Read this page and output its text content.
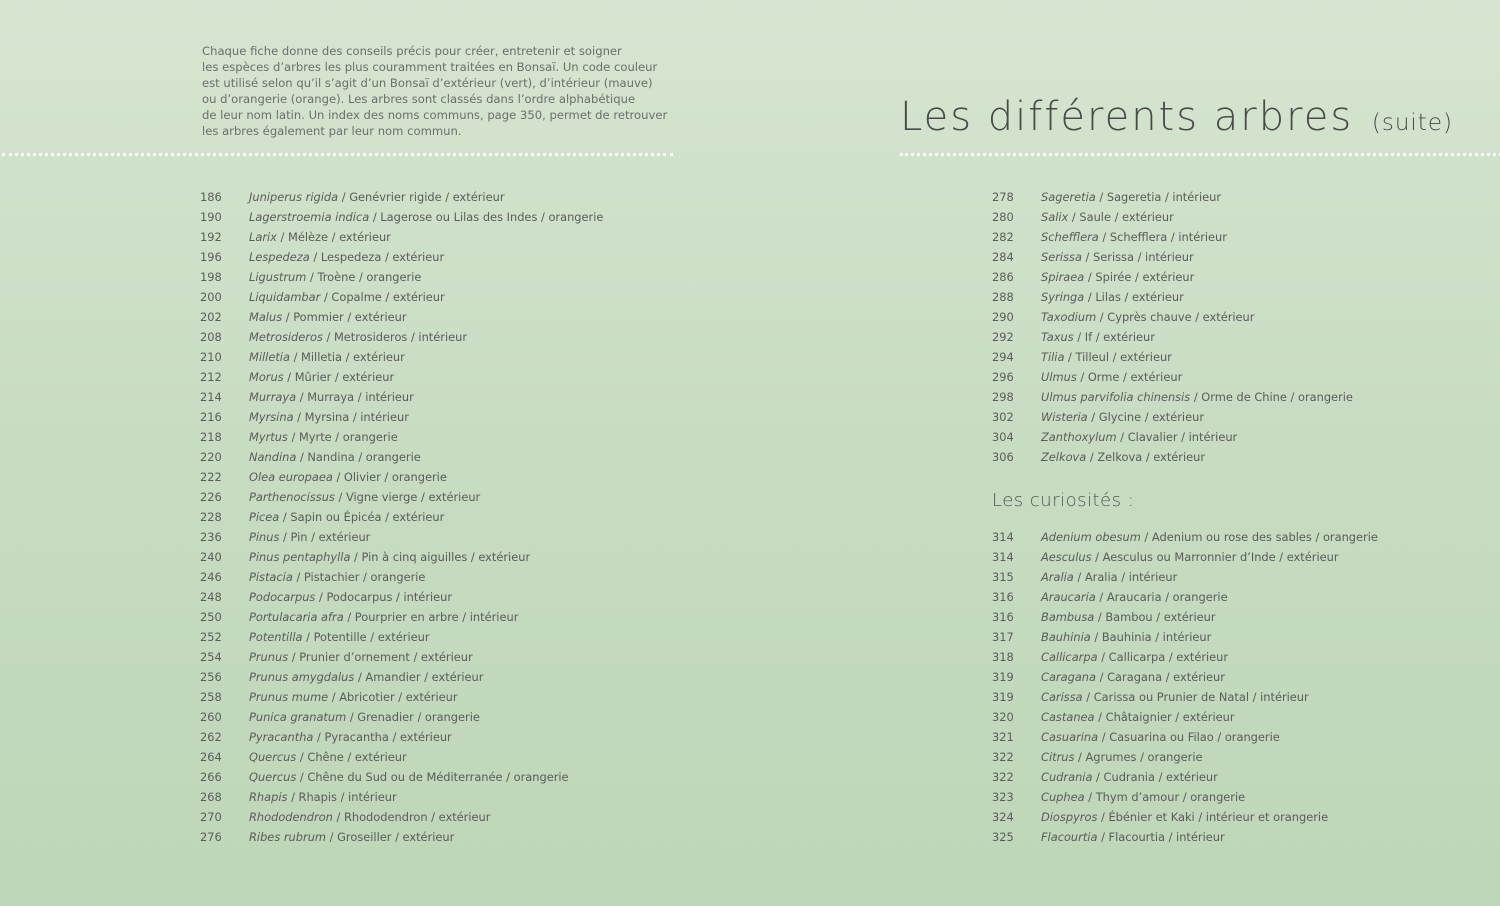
Chaque fiche donne des conseils précis pour créer, entretenir et soigner

les espèces d’arbres les plus couramment traitées en Bonsaï. Un code couleur

est utilisé selon qu’il s’agit d’un Bonsaï d’extérieur (vert), d’intérieur (mauve)

ou d’orangerie (orange). Les arbres sont classés dans l’ordre alphabétique

de leur nom latin. Un index des noms communs, page 350, permet de retrouver

les arbres également par leur nom commun.	Les différents arbres (suite)
186 Juniperus rigida / Genévrier rigide / extérieur
190 Lagerstroemia indica / Lagerose ou Lilas des Indes / orangerie
192 Larix / Mélèze / extérieur
196 Lespedeza / Lespedeza / extérieur
198 Ligustrum / Troène / orangerie
200 Liquidambar / Copalme / extérieur
202 Malus / Pommier / extérieur
208 Metrosideros / Metrosideros / intérieur
210 Milletia / Milletia / extérieur
212 Morus / Mûrier / extérieur
214 Murraya / Murraya / intérieur
216 Myrsina / Myrsina / intérieur
218 Myrtus / Myrte / orangerie
220 Nandina / Nandina / orangerie
222 Olea europaea / Olivier / orangerie
226 Parthenocissus / Vigne vierge / extérieur
228 Picea / Sapin ou Épicéa / extérieur
236 Pinus / Pin / extérieur
240 Pinus pentaphylla / Pin à cinq aiguilles / extérieur
246 Pistacia / Pistachier / orangerie
248 Podocarpus / Podocarpus / intérieur
250 Portulacaria afra / Pourprier en arbre / intérieur
252 Potentilla / Potentille / extérieur
254 Prunus / Prunier d’ornement / extérieur
256 Prunus amygdalus / Amandier / extérieur
258 Prunus mume / Abricotier / extérieur
260 Punica granatum / Grenadier / orangerie
262 Pyracantha / Pyracantha / extérieur
264 Quercus / Chêne / extérieur
266 Quercus / Chêne du Sud ou de Méditerranée / orangerie
268 Rhapis / Rhapis / intérieur
270 Rhododendron / Rhododendron / extérieur
276 Ribes rubrum / Groseiller / extérieur
278 Sageretia / Sageretia / intérieur
280 Salix / Saule / extérieur
282 Schefflera / Schefflera / intérieur
284 Serissa / Serissa / intérieur
286 Spiraea / Spirée / extérieur
288 Syringa / Lilas / extérieur
290 Taxodium / Cyprès chauve / extérieur
292 Taxus / If / extérieur
294 Tilia / Tilleul / extérieur
296 Ulmus / Orme / extérieur
298 Ulmus parvifolia chinensis / Orme de Chine / orangerie
302 Wisteria / Glycine / extérieur
304 Zanthoxylum / Clavalier / intérieur
306 Zelkova / Zelkova / extérieur
Les curiosités :
314 Adenium obesum / Adenium ou rose des sables / orangerie
314 Aesculus / Aesculus ou Marronnier d’Inde / extérieur
315 Aralia / Aralia / intérieur
316 Araucaria / Araucaria / orangerie
316 Bambusa / Bambou / extérieur
317 Bauhinia / Bauhinia / intérieur
318 Callicarpa / Callicarpa / extérieur
319 Caragana / Caragana / extérieur
319 Carissa / Carissa ou Prunier de Natal / intérieur
320 Castanea / Châtaignier / extérieur
321 Casuarina / Casuarina ou Filao / orangerie
322 Citrus / Agrumes / orangerie
322 Cudrania / Cudrania / extérieur
323 Cuphea / Thym d’amour / orangerie
324 Diospyros / Ébénier et Kaki / intérieur et orangerie
325 Flacourtia / Flacourtia / intérieur
